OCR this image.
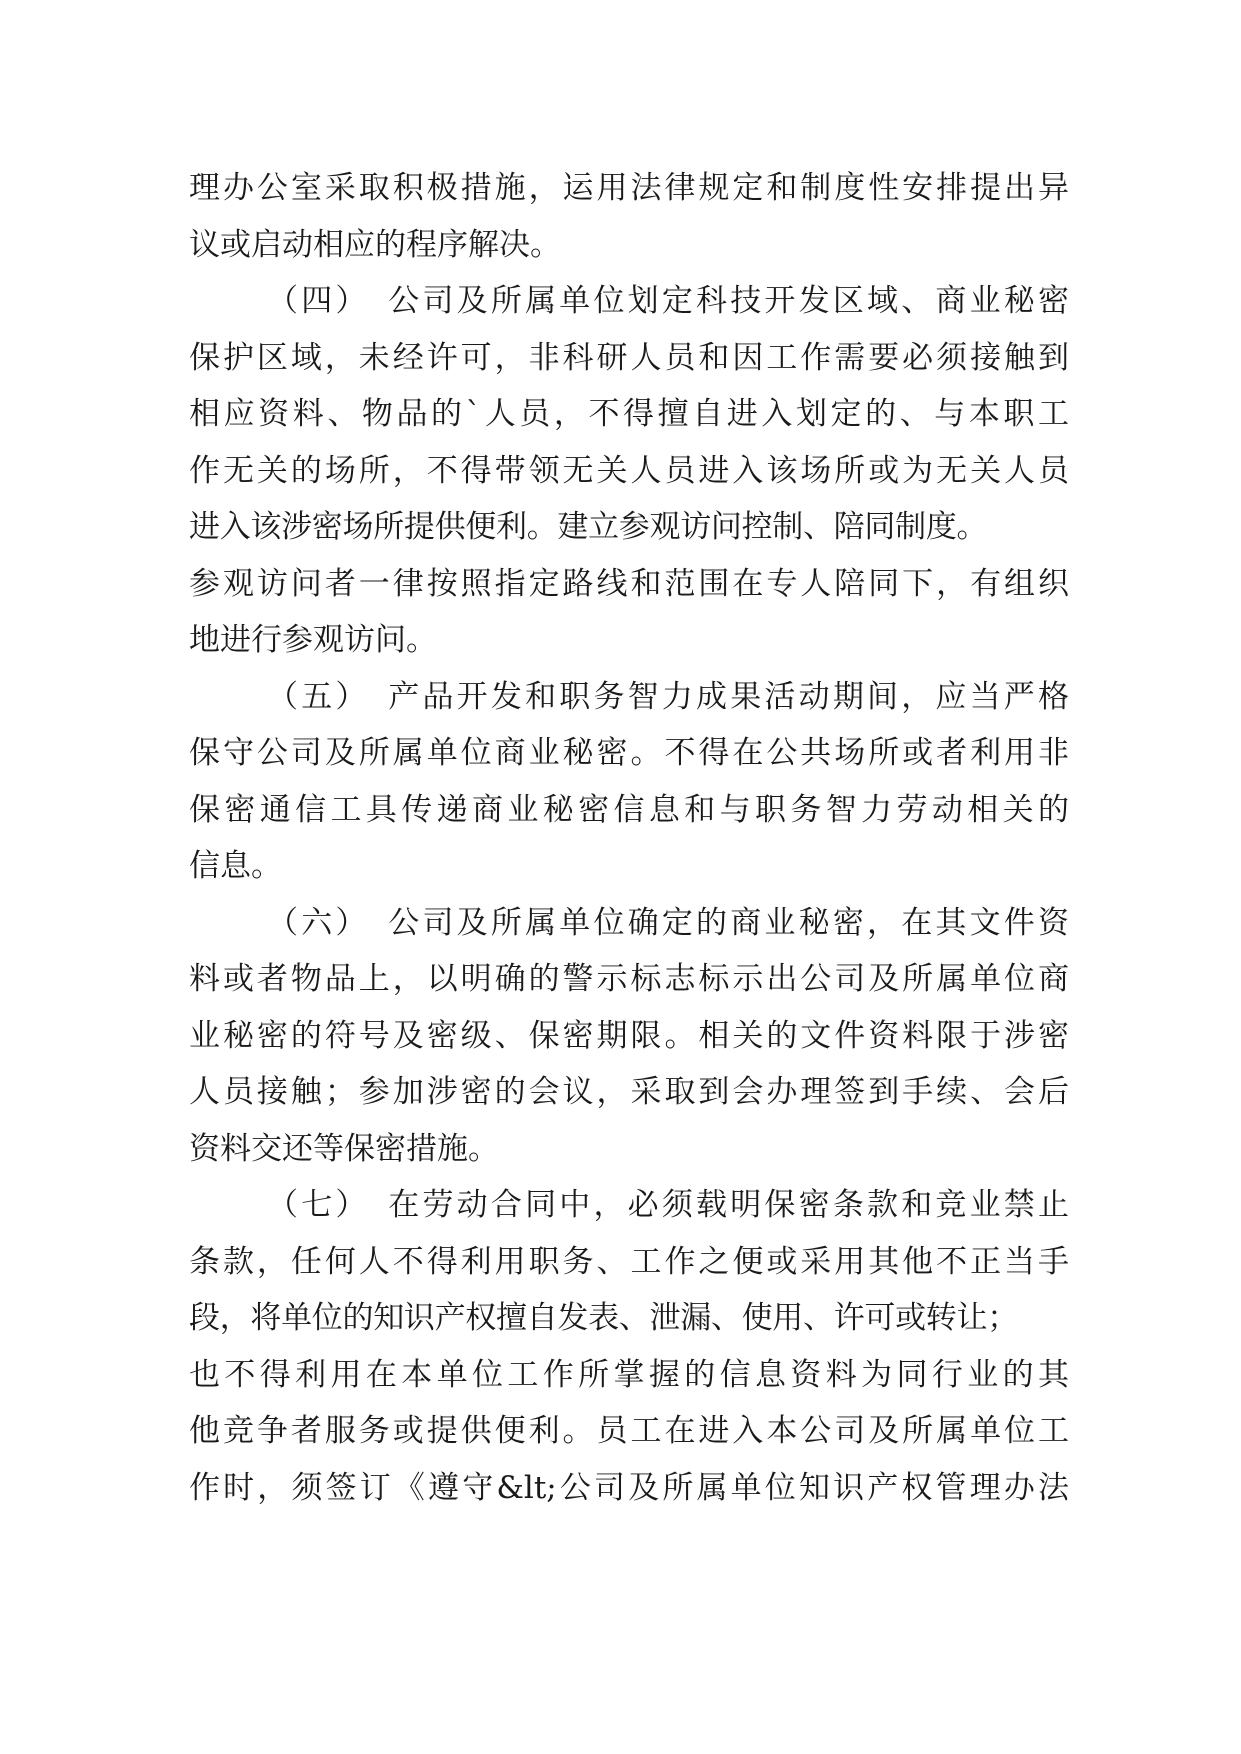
理办公室采取积极措施，运用法律规定和制度性安排提出异
议或启动相应的程序解决。
（四）　公司及所属单位划定科技开发区域、商业秘密
保护区域，未经许可，非科研人员和因工作需要必须接触到
相应资料、物品的`人员，不得擅自进入划定的、与本职工
作无关的场所，不得带领无关人员进入该场所或为无关人员
进入该涉密场所提供便利。建立参观访问控制、陪同制度。
参观访问者一律按照指定路线和范围在专人陪同下，有组织
地进行参观访问。
（五）　产品开发和职务智力成果活动期间，应当严格
保守公司及所属单位商业秘密。不得在公共场所或者利用非
保密通信工具传递商业秘密信息和与职务智力劳动相关的
信息。
（六）　公司及所属单位确定的商业秘密，在其文件资
料或者物品上，以明确的警示标志标示出公司及所属单位商
业秘密的符号及密级、保密期限。相关的文件资料限于涉密
人员接触；参加涉密的会议，采取到会办理签到手续、会后
资料交还等保密措施。
（七）　在劳动合同中，必须载明保密条款和竞业禁止
条款，任何人不得利用职务、工作之便或采用其他不正当手
段，将单位的知识产权擅自发表、泄漏、使用、许可或转让；
也不得利用在本单位工作所掌握的信息资料为同行业的其
他竞争者服务或提供便利。员工在进入本公司及所属单位工
作时，须签订《遵守&lt;公司及所属单位知识产权管理办法
